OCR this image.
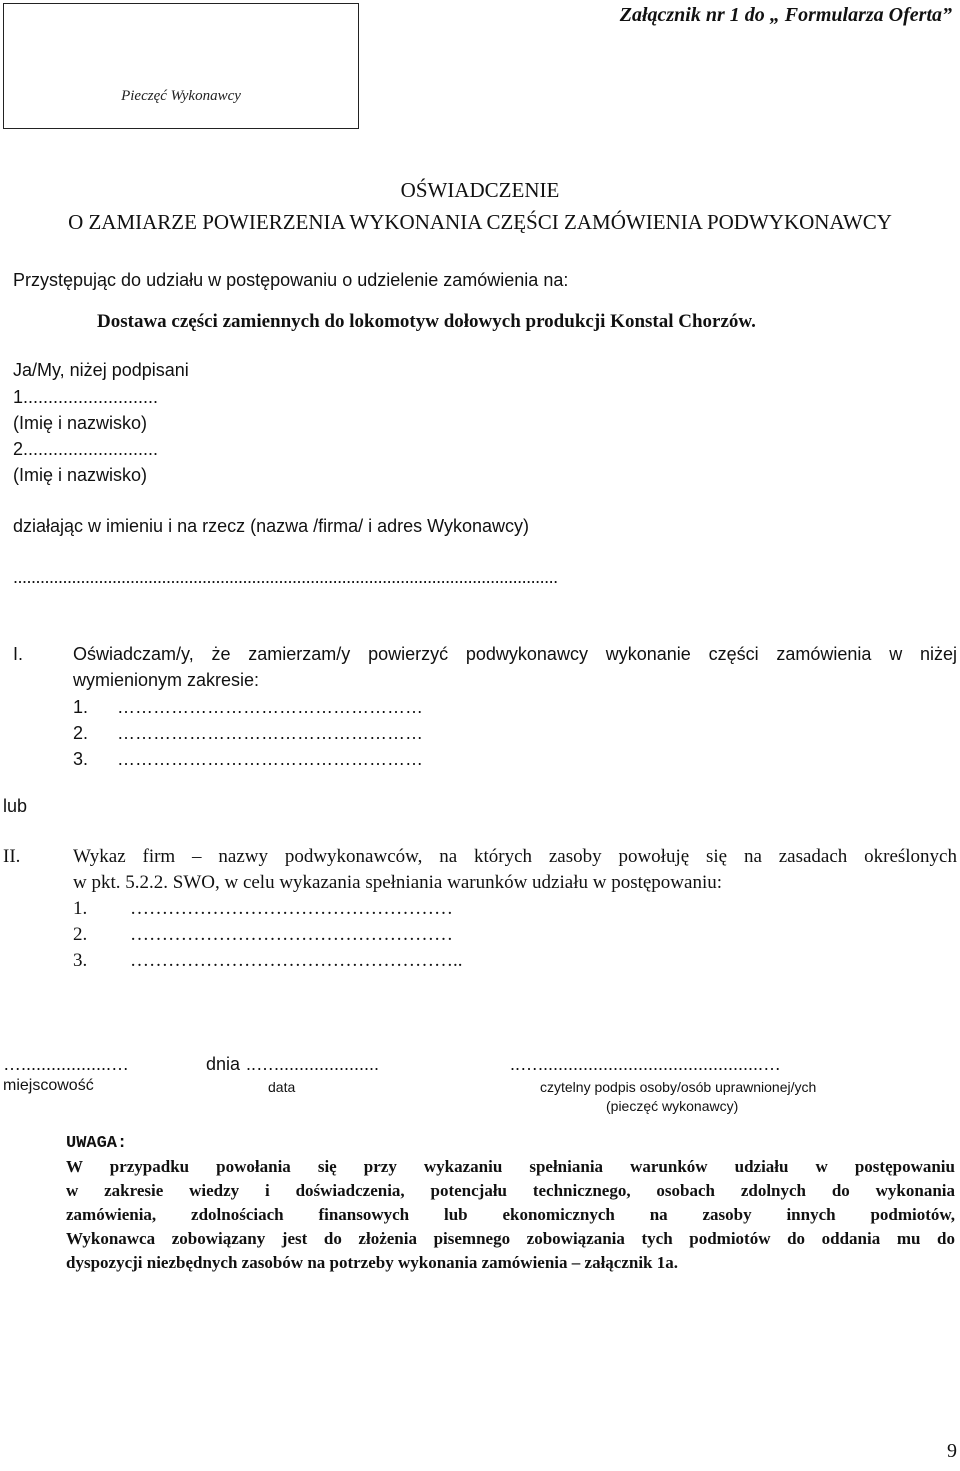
Pieczęć Wykonawcy
Załącznik nr 1 do „ Formularza Oferta”
OŚWIADCZENIE
O ZAMIARZE POWIERZENIA WYKONANIA CZĘŚCI ZAMÓWIENIA PODWYKONAWCY
Przystępując do udziału w postępowaniu o udzielenie zamówienia na:
Dostawa części zamiennych do lokomotyw dołowych produkcji Konstal Chorzów.
Ja/My, niżej podpisani
1...........................
(Imię i nazwisko)
2...........................
(Imię i nazwisko)
działając w imieniu i na rzecz (nazwa /firma/ i adres Wykonawcy)
.........................................................................................................................
I.	Oświadczam/y, że zamierzam/y powierzyć podwykonawcy wykonanie części zamówienia w niżej
wymienionym zakresie:
1. ……………………………………………
2. ……………………………………………
3. ……………………………………………
lub
II.	Wykaz firm – nazwy podwykonawców, na których zasoby powołuję się na zasadach określonych
w pkt. 5.2.2. SWO, w celu wykazania spełniania warunków udziału w postępowaniu:
1. ……………………………………………
2. ……………………………………………
3. ……………………………………………..
…..................…	dnia ..….....................	..….............................................…
miejscowość	data	czytelny podpis osoby/osób uprawnionej/ych
(pieczęć wykonawcy)
UWAGA:
W przypadku powołania się przy wykazaniu spełniania warunków udziału w postępowaniu
w zakresie wiedzy i doświadczenia, potencjału technicznego, osobach zdolnych do wykonania
zamówienia, zdolnościach finansowych lub ekonomicznych na zasoby innych podmiotów,
Wykonawca zobowiązany jest do złożenia pisemnego zobowiązania tych podmiotów do oddania mu do
dyspozycji niezbędnych zasobów na potrzeby wykonania zamówienia – załącznik 1a.
9
